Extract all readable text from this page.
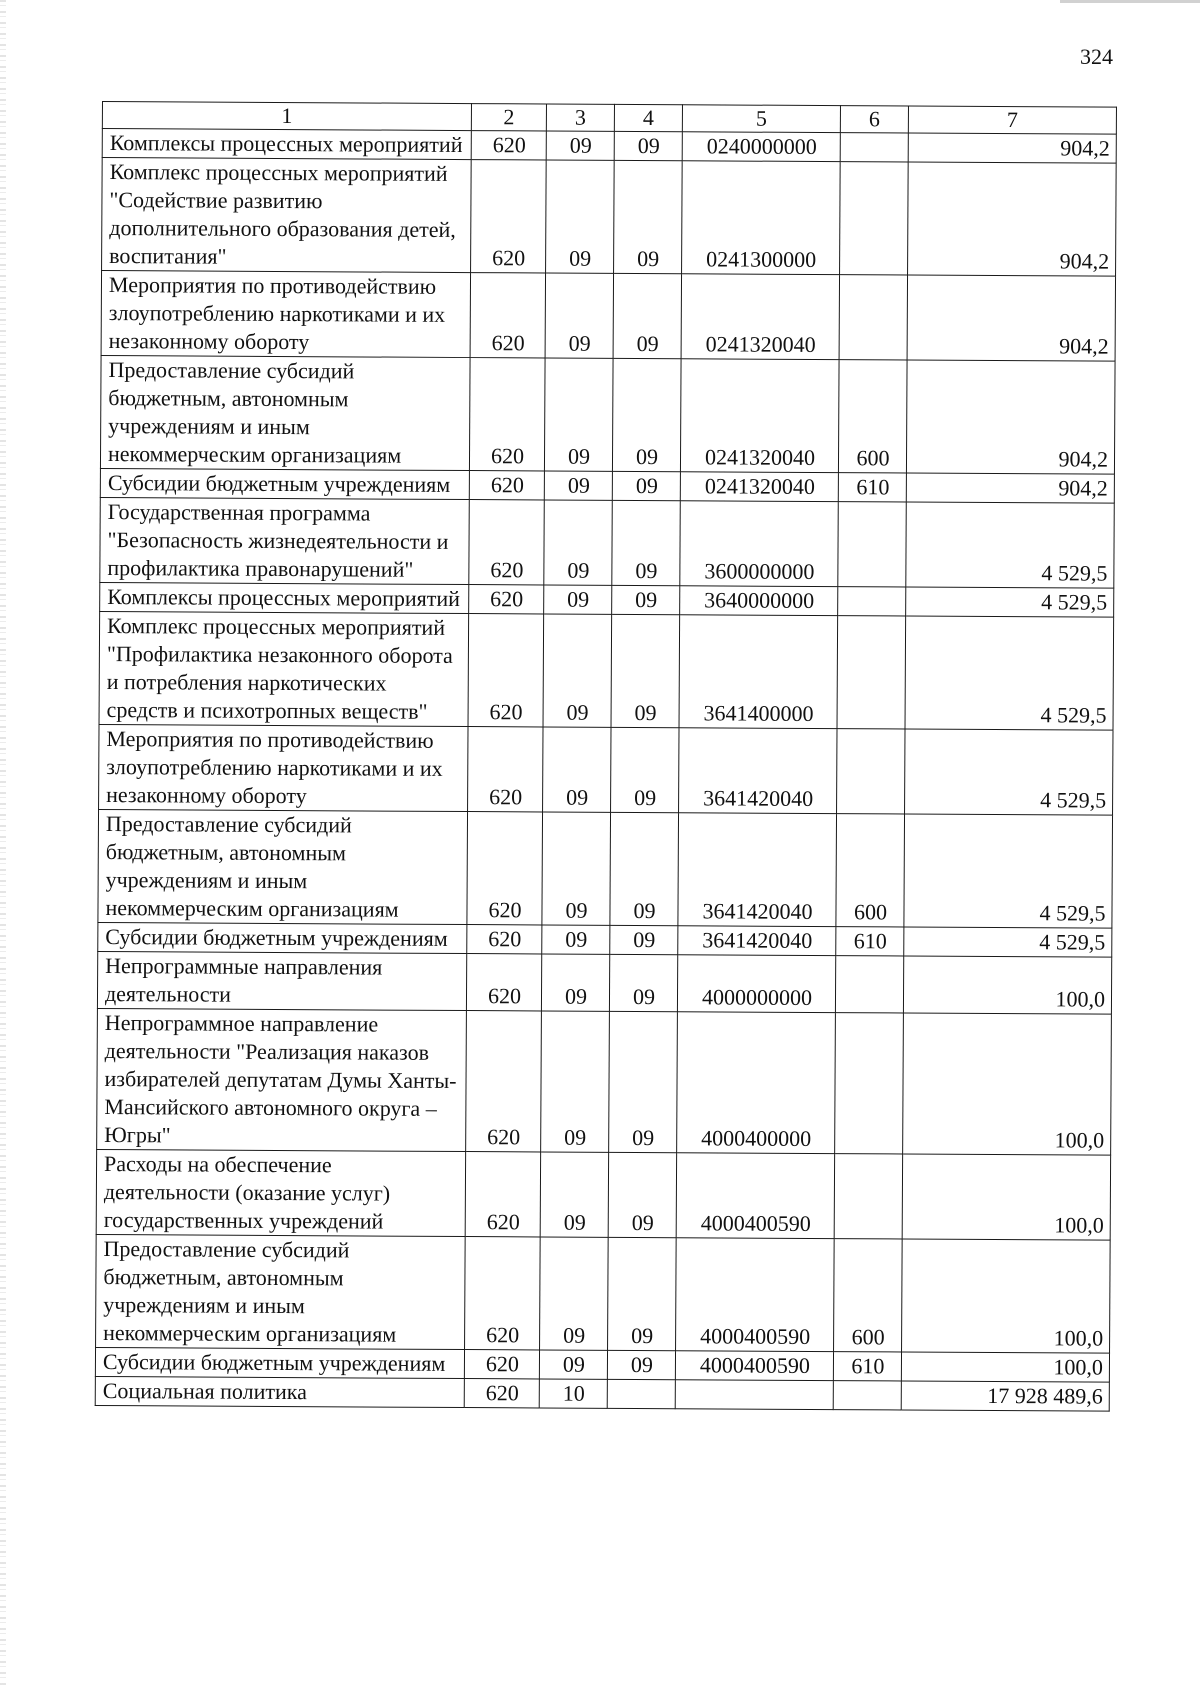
324
1	2	3	4	5	6	7
Комплексы процессных мероприятий	620	09	09	0240000000		904,2
Комплекс процессных мероприятий "Содействие развитию дополнительного образования детей, воспитания"	620	09	09	0241300000		904,2
Мероприятия по противодействию злоупотреблению наркотиками и их незаконному обороту	620	09	09	0241320040		904,2
Предоставление субсидий бюджетным, автономным учреждениям и иным некоммерческим организациям	620	09	09	0241320040	600	904,2
Субсидии бюджетным учреждениям	620	09	09	0241320040	610	904,2
Государственная программа "Безопасность жизнедеятельности и профилактика правонарушений"	620	09	09	3600000000		4 529,5
Комплексы процессных мероприятий	620	09	09	3640000000		4 529,5
Комплекс процессных мероприятий "Профилактика незаконного оборота и потребления наркотических средств и психотропных веществ"	620	09	09	3641400000		4 529,5
Мероприятия по противодействию злоупотреблению наркотиками и их незаконному обороту	620	09	09	3641420040		4 529,5
Предоставление субсидий бюджетным, автономным учреждениям и иным некоммерческим организациям	620	09	09	3641420040	600	4 529,5
Субсидии бюджетным учреждениям	620	09	09	3641420040	610	4 529,5
Непрограммные направления деятельности	620	09	09	4000000000		100,0
Непрограммное направление деятельности "Реализация наказов избирателей депутатам Думы Ханты-Мансийского автономного округа – Югры"	620	09	09	4000400000		100,0
Расходы на обеспечение деятельности (оказание услуг) государственных учреждений	620	09	09	4000400590		100,0
Предоставление субсидий бюджетным, автономным учреждениям и иным некоммерческим организациям	620	09	09	4000400590	600	100,0
Субсидии бюджетным учреждениям	620	09	09	4000400590	610	100,0
Социальная политика	620	10				17 928 489,6
